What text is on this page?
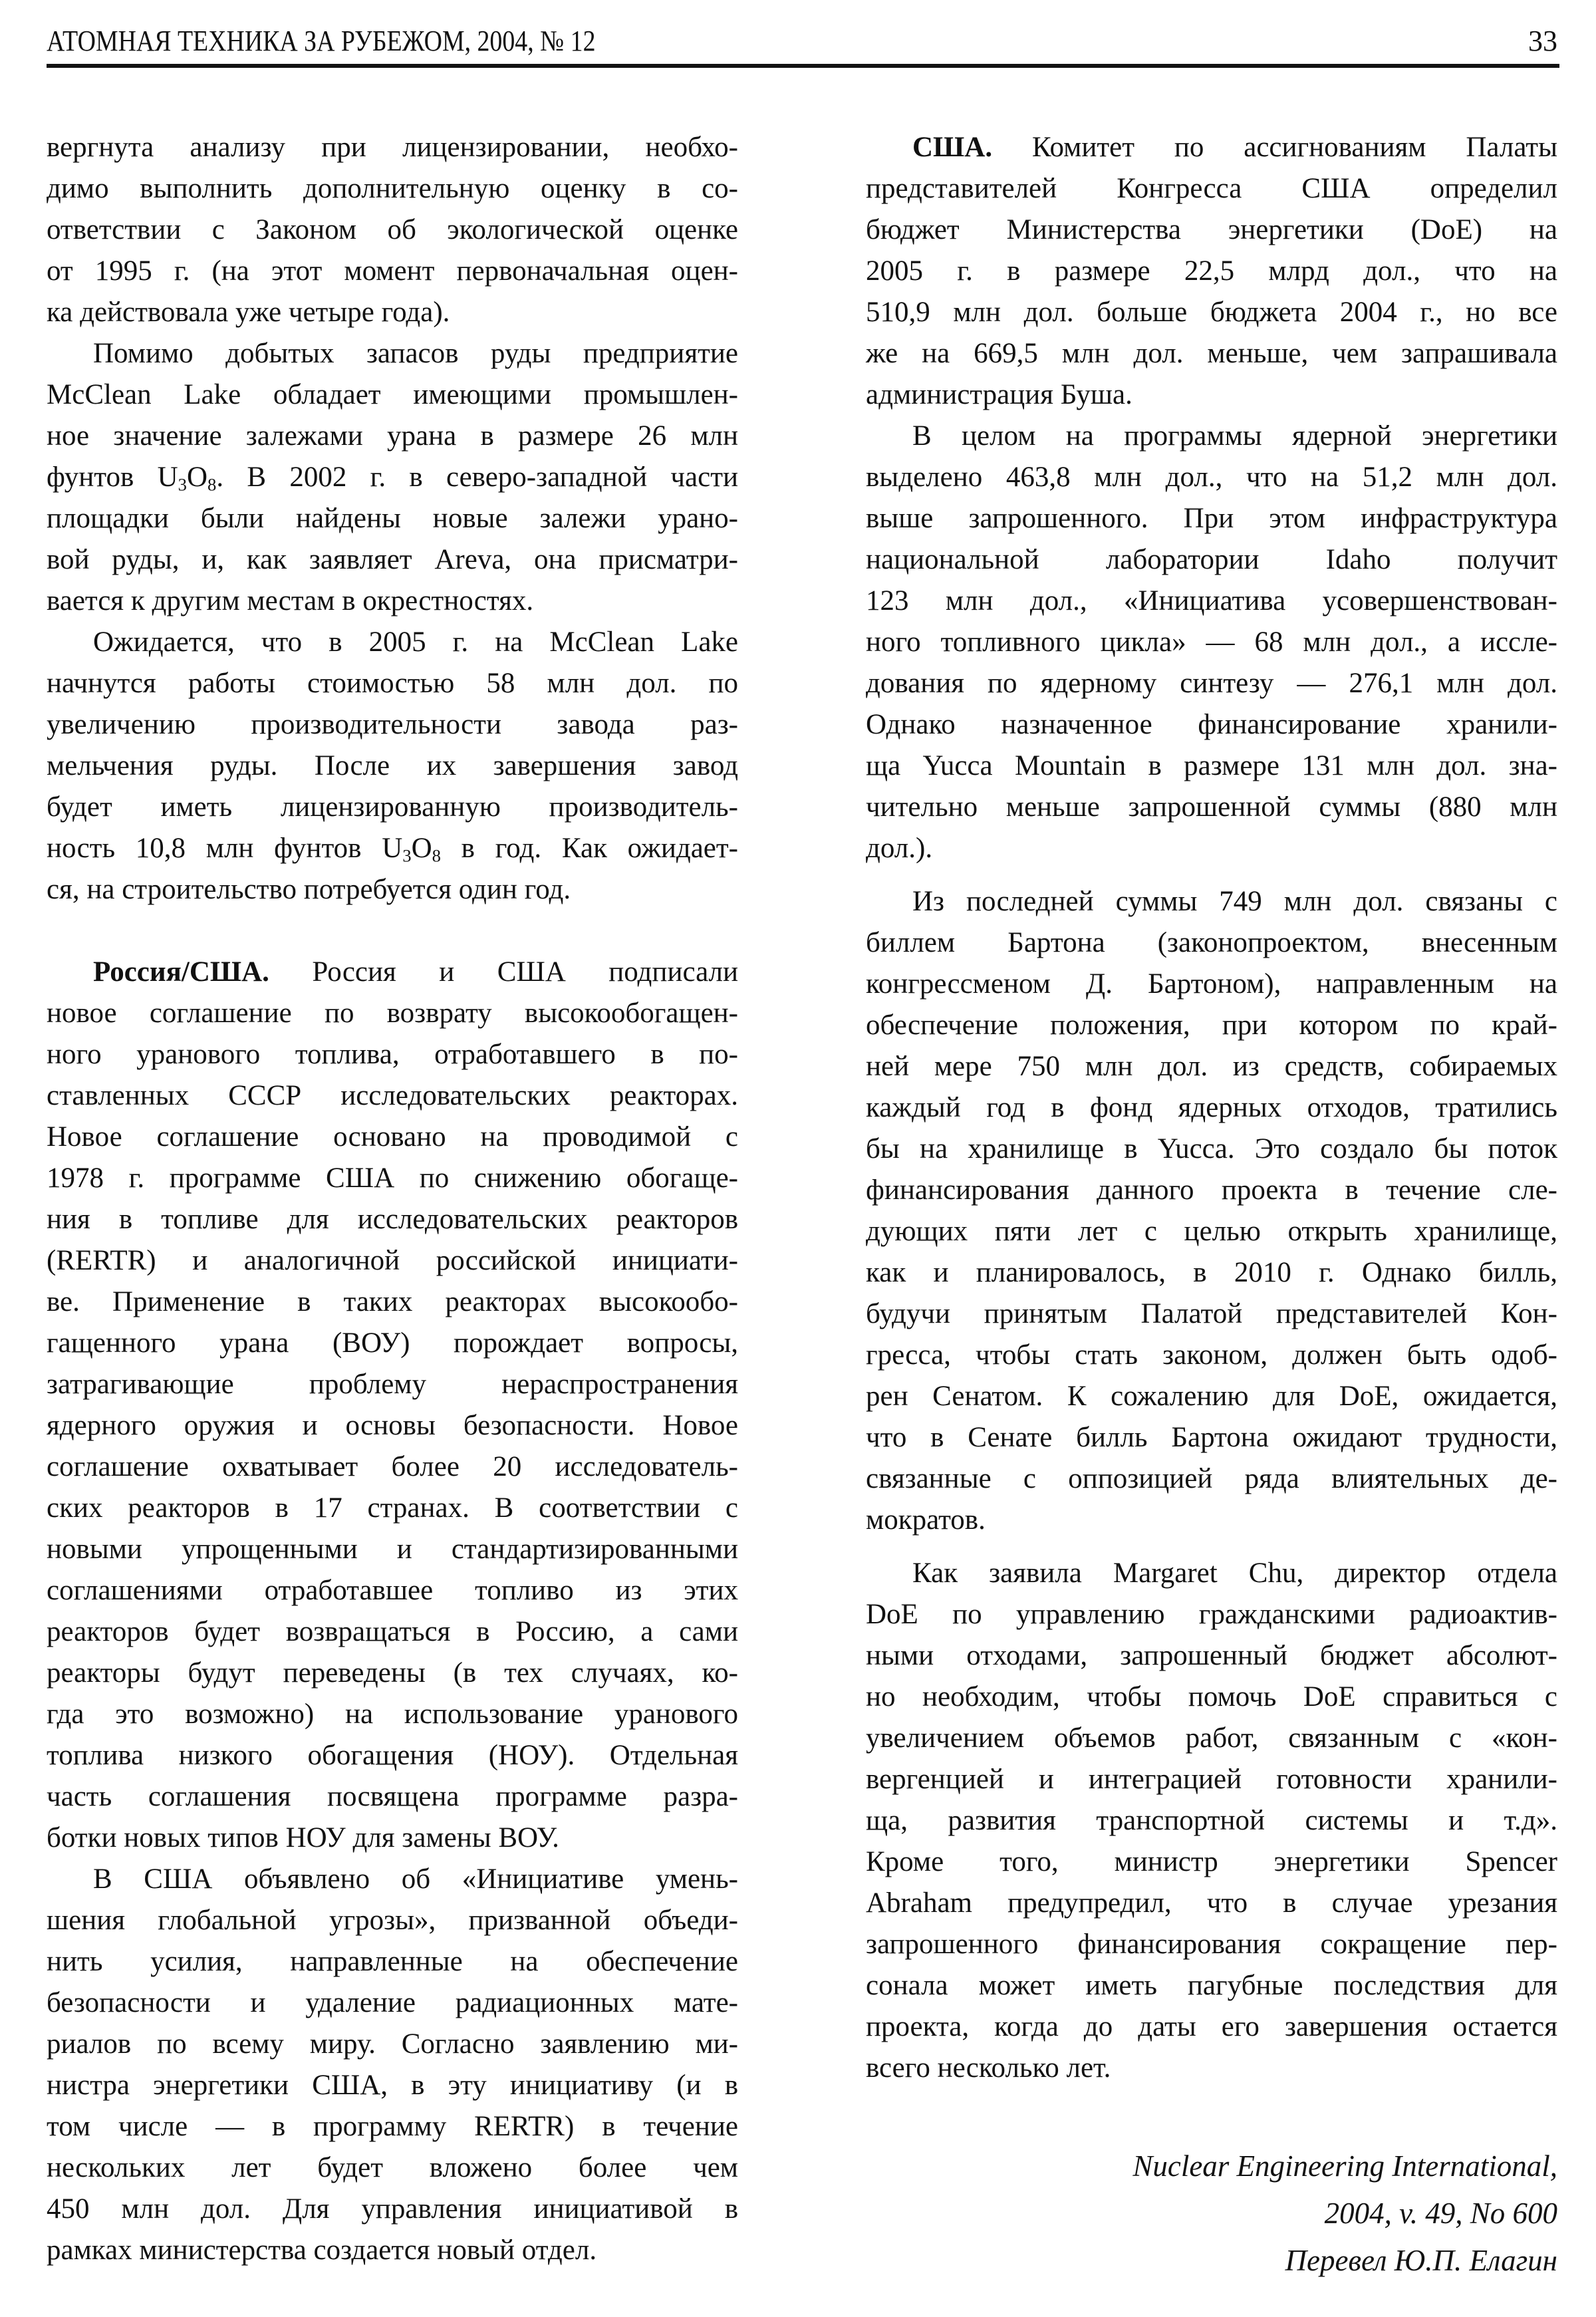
АТОМНАЯ ТЕХНИКА ЗА РУБЕЖОМ, 2004, № 12	33
вергнута анализу при лицензировании, необхо-
димо выполнить дополнительную оценку в со-
ответствии с Законом об экологической оценке
от 1995 г. (на этот момент первоначальная оцен-
ка действовала уже четыре года).
Помимо добытых запасов руды предприятие
McClean Lake обладает имеющими промышлен-
ное значение залежами урана в размере 26 млн
фунтов $U_3O_8$. В 2002 г. в северо-западной части
площадки были найдены новые залежи урано-
вой руды, и, как заявляет Areva, она присматри-
вается к другим местам в окрестностях.
Ожидается, что в 2005 г. на McClean Lake
начнутся работы стоимостью 58 млн дол. по
увеличению производительности завода раз-
мельчения руды. После их завершения завод
будет иметь лицензированную производитель-
ность 10,8 млн фунтов $U_3O_8$ в год. Как ожидает-
ся, на строительство потребуется один год.
Россия/США. Россия и США подписали
новое соглашение по возврату высокообогащен-
ного уранового топлива, отработавшего в по-
ставленных СССР исследовательских реакторах.
Новое соглашение основано на проводимой с
1978 г. программе США по снижению обогаще-
ния в топливе для исследовательских реакторов
(RERTR) и аналогичной российской инициати-
ве. Применение в таких реакторах высокообо-
гащенного урана (ВОУ) порождает вопросы,
затрагивающие проблему нераспространения
ядерного оружия и основы безопасности. Новое
соглашение охватывает более 20 исследователь-
ских реакторов в 17 странах. В соответствии с
новыми упрощенными и стандартизированными
соглашениями отработавшее топливо из этих
реакторов будет возвращаться в Россию, а сами
реакторы будут переведены (в тех случаях, ко-
гда это возможно) на использование уранового
топлива низкого обогащения (НОУ). Отдельная
часть соглашения посвящена программе разра-
ботки новых типов НОУ для замены ВОУ.
В США объявлено об «Инициативе умень-
шения глобальной угрозы», призванной объеди-
нить усилия, направленные на обеспечение
безопасности и удаление радиационных мате-
риалов по всему миру. Согласно заявлению ми-
нистра энергетики США, в эту инициативу (и в
том числе — в программу RERTR) в течение
нескольких лет будет вложено более чем
450 млн дол. Для управления инициативой в
рамках министерства создается новый отдел.
США. Комитет по ассигнованиям Палаты
представителей Конгресса США определил
бюджет Министерства энергетики (DoE) на
2005 г. в размере 22,5 млрд дол., что на
510,9 млн дол. больше бюджета 2004 г., но все
же на 669,5 млн дол. меньше, чем запрашивала
администрация Буша.
В целом на программы ядерной энергетики
выделено 463,8 млн дол., что на 51,2 млн дол.
выше запрошенного. При этом инфраструктура
национальной лаборатории Idaho получит
123 млн дол., «Инициатива усовершенствован-
ного топливного цикла» — 68 млн дол., а иссле-
дования по ядерному синтезу — 276,1 млн дол.
Однако назначенное финансирование хранили-
ща Yucca Mountain в размере 131 млн дол. зна-
чительно меньше запрошенной суммы (880 млн
дол.).
Из последней суммы 749 млн дол. связаны с
биллем Бартона (законопроектом, внесенным
конгрессменом Д. Бартоном), направленным на
обеспечение положения, при котором по край-
ней мере 750 млн дол. из средств, собираемых
каждый год в фонд ядерных отходов, тратились
бы на хранилище в Yucca. Это создало бы поток
финансирования данного проекта в течение сле-
дующих пяти лет с целью открыть хранилище,
как и планировалось, в 2010 г. Однако билль,
будучи принятым Палатой представителей Кон-
гресса, чтобы стать законом, должен быть одоб-
рен Сенатом. К сожалению для DoE, ожидается,
что в Сенате билль Бартона ожидают трудности,
связанные с оппозицией ряда влиятельных де-
мократов.
Как заявила Margaret Chu, директор отдела
DoE по управлению гражданскими радиоактив-
ными отходами, запрошенный бюджет абсолют-
но необходим, чтобы помочь DoE справиться с
увеличением объемов работ, связанным с «кон-
вергенцией и интеграцией готовности хранили-
ща, развития транспортной системы и т.д».
Кроме того, министр энергетики Spencer
Abraham предупредил, что в случае урезания
запрошенного финансирования сокращение пер-
сонала может иметь пагубные последствия для
проекта, когда до даты его завершения остается
всего несколько лет.
Nuclear Engineering International,
2004, v. 49, No 600
Перевел Ю.П. Елагин
